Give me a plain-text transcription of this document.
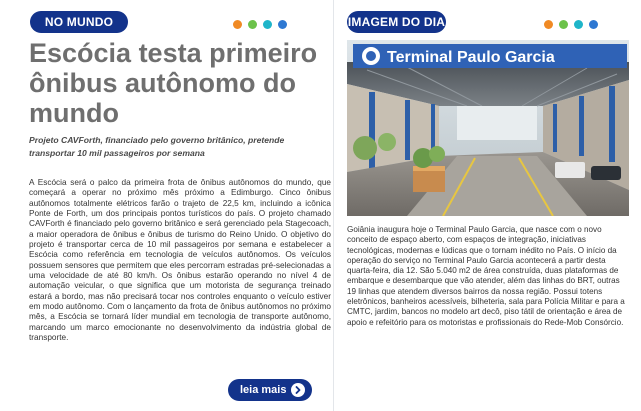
NO MUNDO
Escócia testa primeiro ônibus autônomo do mundo

Projeto CAVForth, financiado pelo governo britânico, pretende transportar 10 mil passageiros por semana

A Escócia será o palco da primeira frota de ônibus autônomos do mundo, que começará a operar no próximo mês próximo a Edimburgo. Cinco ônibus autônomos totalmente elétricos farão o trajeto de 22,5 km, incluindo a icônica Ponte de Forth, um dos principais pontos turísticos do país. O projeto chamado CAVForth é financiado pelo governo britânico e será gerenciado pela Stagecoach, a maior operadora de ônibus e ônibus de turismo do Reino Unido. O objetivo do projeto é transportar cerca de 10 mil passageiros por semana e estabelecer a Escócia como referência em tecnologia de veículos autônomos. Os veículos possuem sensores que permitem que eles percorram estradas pré-selecionadas a uma velocidade de até 80 km/h. Os ônibus estarão operando no nível 4 de automação veicular, o que significa que um motorista de segurança treinado estará a bordo, mas não precisará tocar nos controles enquanto o veículo estiver em modo autônomo. Com o lançamento da frota de ônibus autônomos no próximo mês, a Escócia se tornará líder mundial em tecnologia de transporte autônomo, marcando um marco emocionante no desenvolvimento da indústria global de transporte.

leia mais
IMAGEM DO DIA
Terminal Paulo Garcia

Goiânia inaugura hoje o Terminal Paulo Garcia, que nasce com o novo conceito de espaço aberto, com espaços de integração, iniciativas tecnológicas, modernas e lúdicas que o tornam inédito no País. O início da operação do serviço no Terminal Paulo Garcia acontecerá a partir desta quarta-feira, dia 12. São 5.040 m2 de área construída, duas plataformas de embarque e desembarque que vão atender, além das linhas do BRT, outras 19 linhas que atendem diversos bairros da nossa região. Possui totens eletrônicos, banheiros acessíveis, bilheteria, sala para Polícia Militar e para a CMTC, jardim, bancos no modelo art decô, piso tátil de orientação e área de apoio e refeitório para os motoristas e profissionais do Rede-Mob Consórcio.
